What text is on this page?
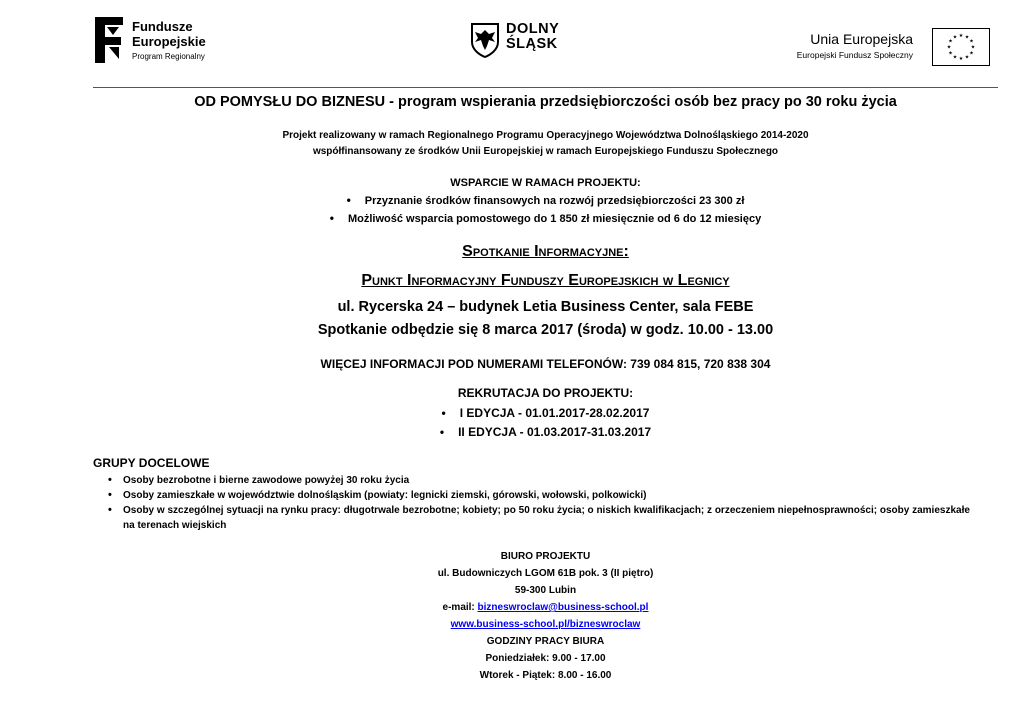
Fundusze
Europejskie
Program Regionalny
DOLNY
ŚLĄSK	Unia Europejska
Europejski Fundusz Społeczny
★ ★
★
★
★
★
★
★
★
★
★
★
OD POMYSŁU DO BIZNESU - program wspierania przedsiębiorczości osób bez pracy po 30 roku życia
Projekt realizowany w ramach Regionalnego Programu Operacyjnego Województwa Dolnośląskiego 2014-2020
współfinansowany ze środków Unii Europejskiej w ramach Europejskiego Funduszu Społecznego
WSPARCIE W RAMACH PROJEKTU:
• Przyznanie środków finansowych na rozwój przedsiębiorczości 23 300 zł
• Możliwość wsparcia pomostowego do 1 850 zł miesięcznie od 6 do 12 miesięcy
Spotkanie Informacyjne:
Punkt Informacyjny Funduszy Europejskich w Legnicy
ul. Rycerska 24 – budynek Letia Business Center, sala FEBE
Spotkanie odbędzie się 8 marca 2017 (środa) w godz. 10.00 - 13.00
WIĘCEJ INFORMACJI POD NUMERAMI TELEFONÓW: 739 084 815, 720 838 304
REKRUTACJA DO PROJEKTU:
• I EDYCJA - 01.01.2017-28.02.2017
• II EDYCJA - 01.03.2017-31.03.2017
GRUPY DOCELOWE
• Osoby bezrobotne i bierne zawodowe powyżej 30 roku życia
• Osoby zamieszkałe w województwie dolnośląskim (powiaty: legnicki ziemski, górowski, wołowski, polkowicki)
• Osoby w szczególnej sytuacji na rynku pracy: długotrwale bezrobotne; kobiety; po 50 roku życia; o niskich kwalifikacjach; z orzeczeniem niepełnosprawności; osoby zamieszkałe na terenach wiejskich
BIURO PROJEKTU
ul. Budowniczych LGOM 61B pok. 3 (II piętro)
59-300 Lubin
e-mail: bizneswroclaw@business-school.pl
www.business-school.pl/bizneswroclaw
GODZINY PRACY BIURA
Poniedziałek: 9.00 - 17.00
Wtorek - Piątek: 8.00 - 16.00
